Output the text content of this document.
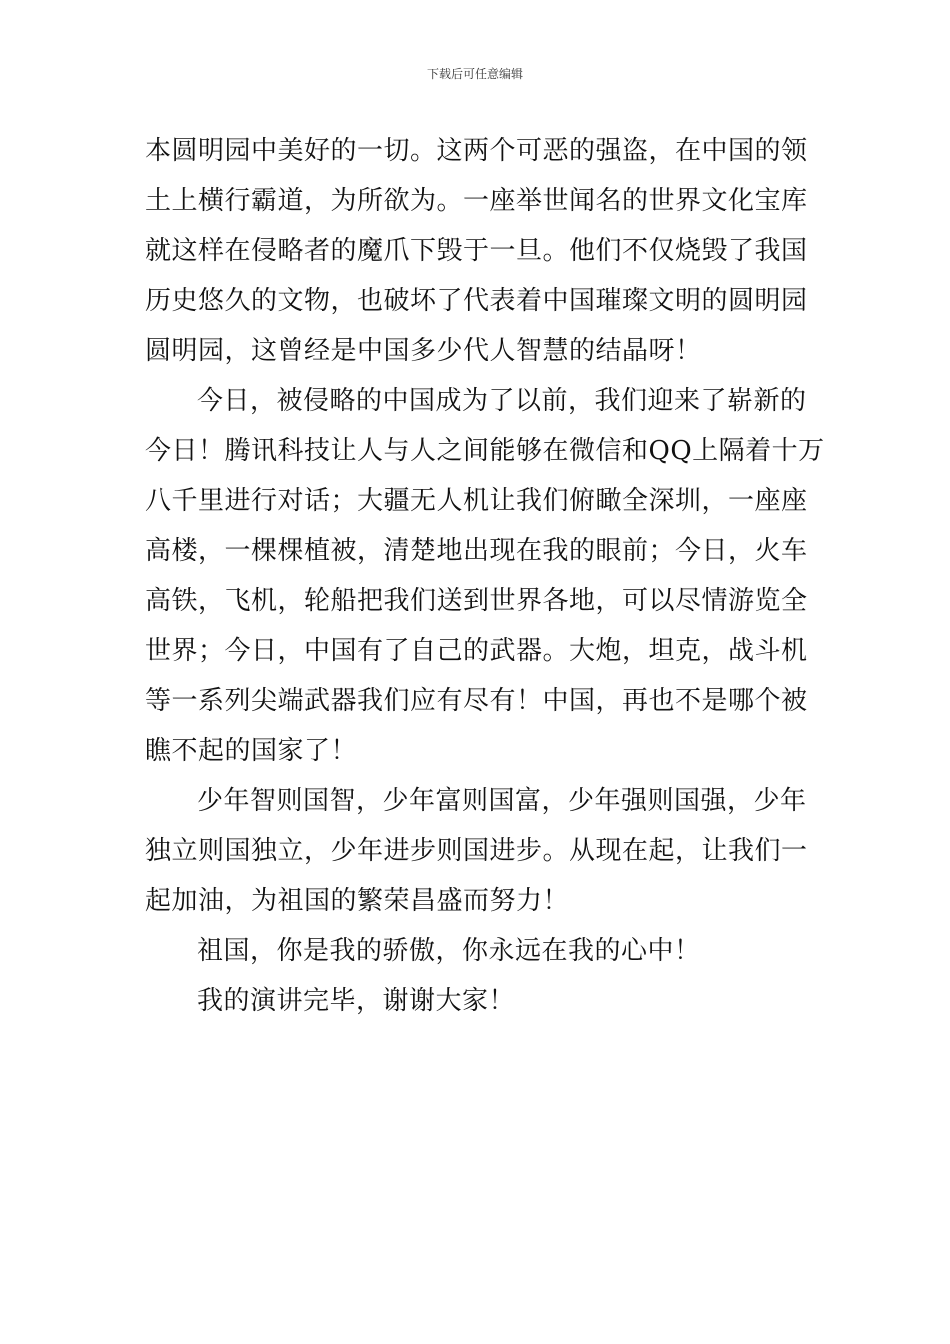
下载后可任意编辑
本圆明园中美好的一切。这两个可恶的强盗，在中国的领
土上横行霸道，为所欲为。一座举世闻名的世界文化宝库
就这样在侵略者的魔爪下毁于一旦。他们不仅烧毁了我国
历史悠久的文物，也破坏了代表着中国璀璨文明的圆明园
圆明园，这曾经是中国多少代人智慧的结晶呀！
今日，被侵略的中国成为了以前，我们迎来了崭新的
今日！腾讯科技让人与人之间能够在微信和QQ上隔着十万
八千里进行对话；大疆无人机让我们俯瞰全深圳，一座座
高楼，一棵棵植被，清楚地出现在我的眼前；今日，火车
高铁，飞机，轮船把我们送到世界各地，可以尽情游览全
世界；今日，中国有了自己的武器。大炮，坦克，战斗机
等一系列尖端武器我们应有尽有！中国，再也不是哪个被
瞧不起的国家了！
少年智则国智，少年富则国富，少年强则国强，少年
独立则国独立，少年进步则国进步。从现在起，让我们一
起加油，为祖国的繁荣昌盛而努力！
祖国，你是我的骄傲，你永远在我的心中！
我的演讲完毕，谢谢大家！
